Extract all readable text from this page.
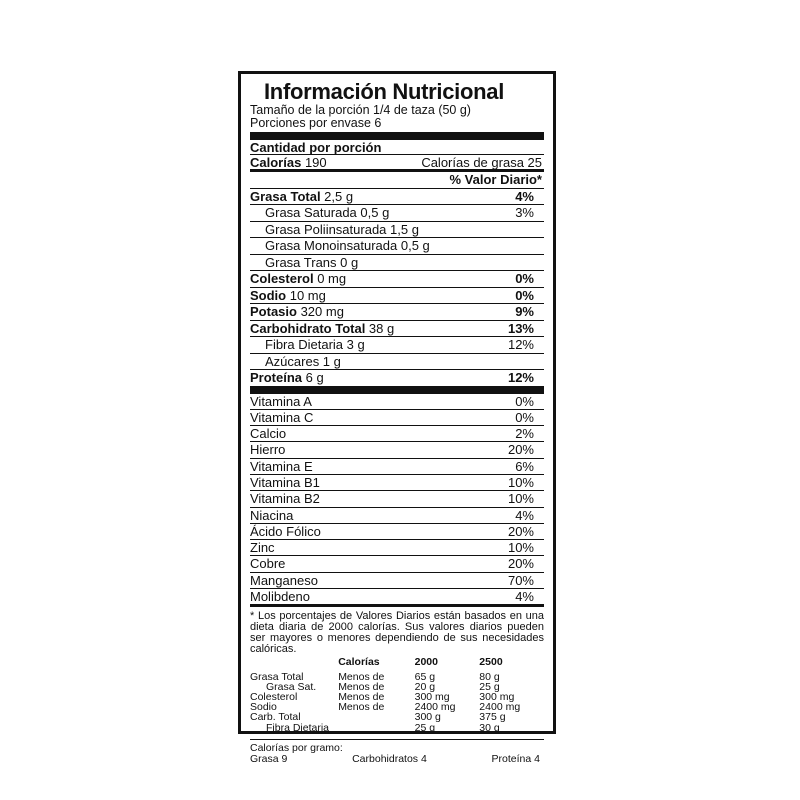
Información Nutricional
Tamaño de la porción 1/4 de taza (50 g)
Porciones por envase 6
Cantidad por porción
Calorías 190	Calorías de grasa 25
% Valor Diario*
Grasa Total 2,5 g	4%
Grasa Saturada 0,5 g	3%
Grasa Poliinsaturada 1,5 g
Grasa Monoinsaturada 0,5 g
Grasa Trans 0 g
Colesterol 0 mg	0%
Sodio 10 mg	0%
Potasio 320 mg	9%
Carbohidrato Total 38 g	13%
Fibra Dietaria 3 g	12%
Azúcares 1 g
Proteína 6 g	12%
Vitamina A	0%
Vitamina C	0%
Calcio	2%
Hierro	20%
Vitamina E	6%
Vitamina B1	10%
Vitamina B2	10%
Niacina	4%
Ácido Fólico	20%
Zinc	10%
Cobre	20%
Manganeso	70%
Molibdeno	4%
* Los porcentajes de Valores Diarios están basados en una dieta diaria de 2000 calorías. Sus valores diarios pueden ser mayores o menores dependiendo de sus necesidades calóricas.
	Calorías	2000	2500
Grasa Total	Menos de	65 g	80 g
Grasa Sat.	Menos de	20 g	25 g
Colesterol	Menos de	300 mg	300 mg
Sodio	Menos de	2400 mg	2400 mg
Carb. Total		300 g	375 g
Fibra Dietaria		25 g	30 g
Calorías por gramo:
Grasa 9	Carbohidratos 4	Proteína 4
